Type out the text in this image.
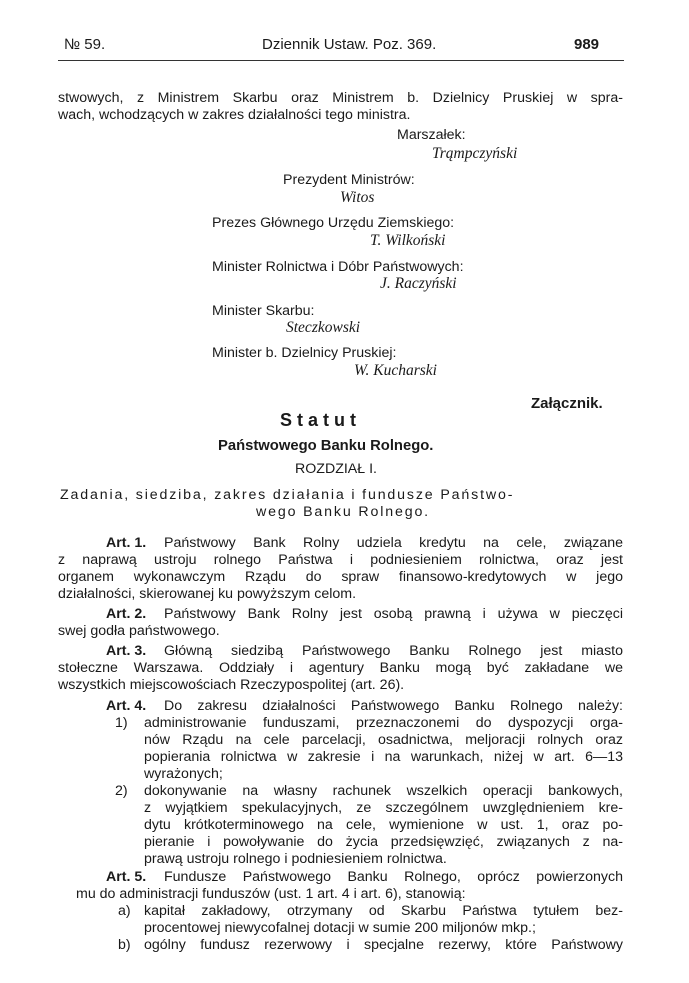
№ 59.	Dziennik Ustaw. Poz. 369.	989
stwowych, z Ministrem Skarbu oraz Ministrem b. Dzielnicy Pruskiej w spra-
wach, wchodzących w zakres działalności tego ministra.
Marszałek:
Trąmpczyński
Prezydent Ministrów:
Witos
Prezes Głównego Urzędu Ziemskiego:
T. Wilkoński
Minister Rolnictwa i Dóbr Państwowych:
J. Raczyński
Minister Skarbu:
Steczkowski
Minister b. Dzielnicy Pruskiej:
W. Kucharski
Załącznik.
Statut
Państwowego Banku Rolnego.
ROZDZIAŁ I.
Zadania, siedziba, zakres działania i fundusze Państwo-
wego Banku Rolnego.
Art. 1. Państwowy Bank Rolny udziela kredytu na cele, związane
z naprawą ustroju rolnego Państwa i podniesieniem rolnictwa, oraz jest
organem wykonawczym Rządu do spraw finansowo-kredytowych w jego
działalności, skierowanej ku powyższym celom.
Art. 2. Państwowy Bank Rolny jest osobą prawną i używa w pieczęci
swej godła państwowego.
Art. 3. Główną siedzibą Państwowego Banku Rolnego jest miasto
stołeczne Warszawa. Oddziały i agentury Banku mogą być zakładane we
wszystkich miejscowościach Rzeczypospolitej (art. 26).
Art. 4. Do zakresu działalności Państwowego Banku Rolnego należy:
1) administrowanie funduszami, przeznaczonemi do dyspozycji orga-
nów Rządu na cele parcelacji, osadnictwa, meljoracji rolnych oraz
popierania rolnictwa w zakresie i na warunkach, niżej w art. 6—13
wyrażonych;
2) dokonywanie na własny rachunek wszelkich operacji bankowych,
z wyjątkiem spekulacyjnych, ze szczególnem uwzględnieniem kre-
dytu krótkoterminowego na cele, wymienione w ust. 1, oraz po-
pieranie i powoływanie do życia przedsięwzięć, związanych z na-
prawą ustroju rolnego i podniesieniem rolnictwa.
Art. 5. Fundusze Państwowego Banku Rolnego, oprócz powierzonych
mu do administracji funduszów (ust. 1 art. 4 i art. 6), stanowią:
a) kapitał zakładowy, otrzymany od Skarbu Państwa tytułem bez-
procentowej niewycofalnej dotacji w sumie 200 miljonów mkp.;
b) ogólny fundusz rezerwowy i specjalne rezerwy, które Państwowy
